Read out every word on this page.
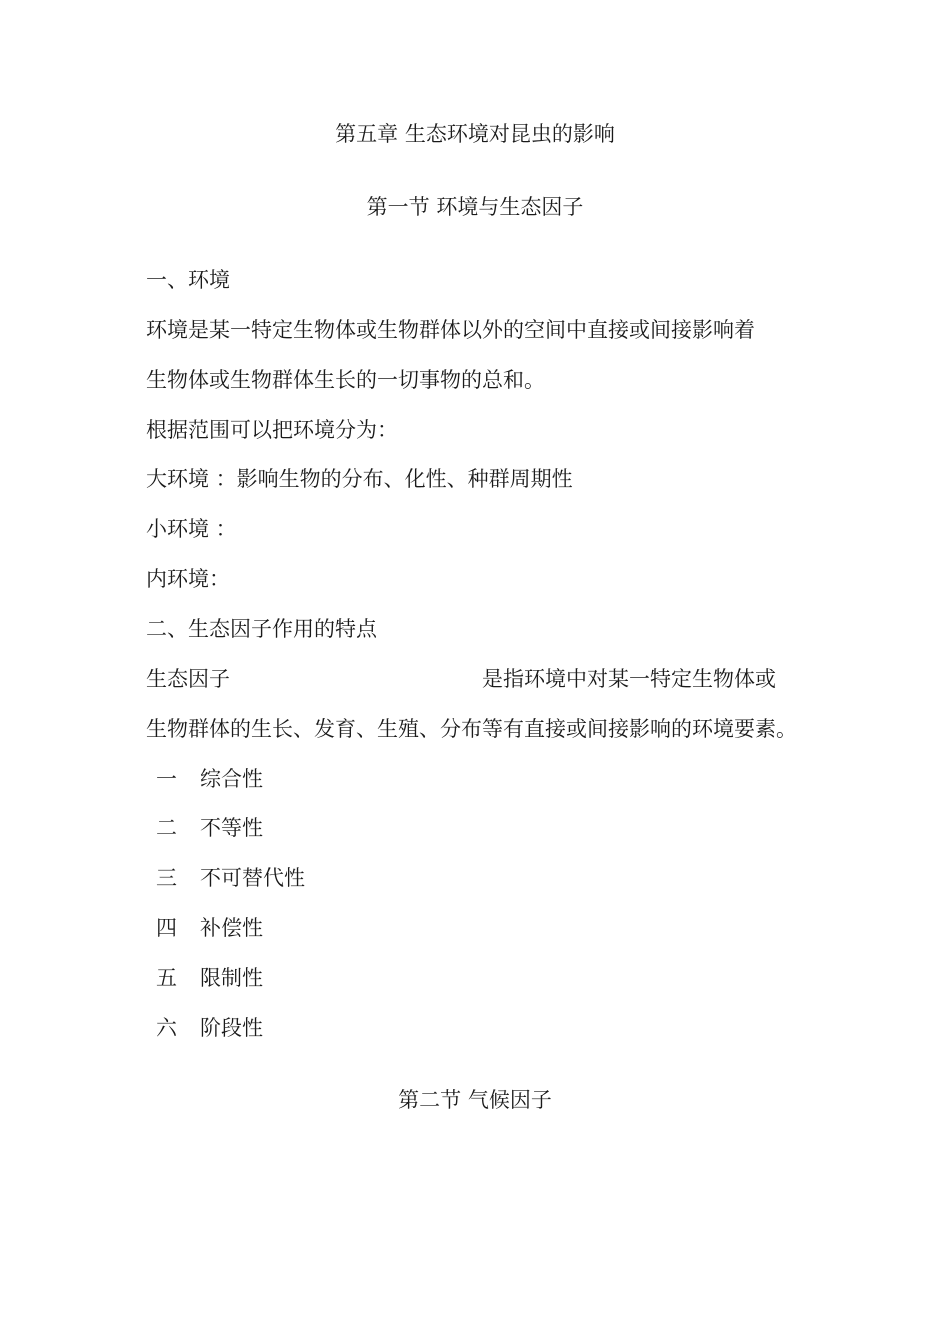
第五章 生态环境对昆虫的影响
第一节 环境与生态因子
一、环境
环境是某一特定生物体或生物群体以外的空间中直接或间接影响着
生物体或生物群体生长的一切事物的总和。
根据范围可以把环境分为：
大环境 ：影响生物的分布、化性、种群周期性
小环境 ：
内环境：
二、生态因子作用的特点
生态因子	是指环境中对某一特定生物体或
生物群体的生长、发育、生殖、分布等有直接或间接影响的环境要素。
一 综合性
二 不等性
三 不可替代性
四 补偿性
五 限制性
六 阶段性
第二节 气候因子
